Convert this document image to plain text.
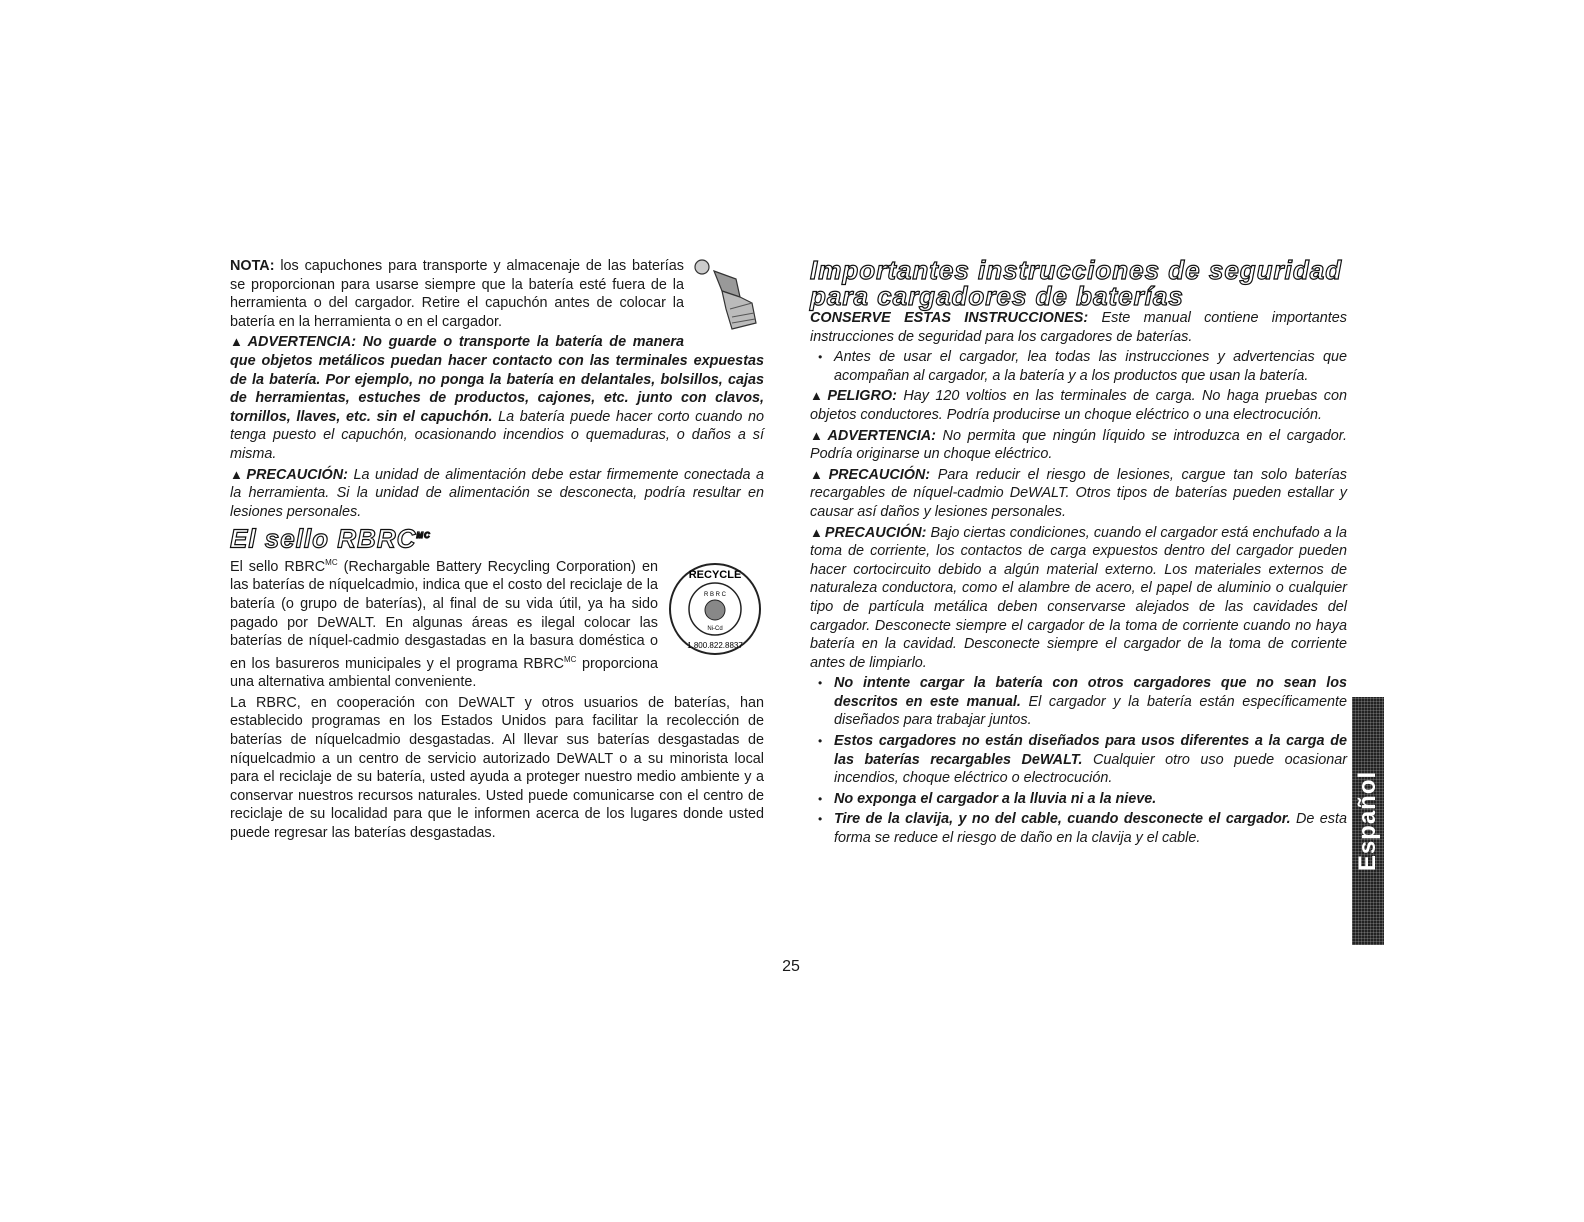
NOTA: los capuchones para transporte y almacenaje de las baterías se proporcionan para usarse siempre que la batería esté fuera de la herramienta o del cargador. Retire el capuchón antes de colocar la batería en la herramienta o en el cargador.

▲ ADVERTENCIA: No guarde o transporte la batería de manera que objetos metálicos puedan hacer contacto con las terminales expuestas de la batería. Por ejemplo, no ponga la batería en delantales, bolsillos, cajas de herramientas, estuches de productos, cajones, etc. junto con clavos, tornillos, llaves, etc. sin el capuchón. La batería puede hacer corto cuando no tenga puesto el capuchón, ocasionando incendios o quemaduras, o daños a sí misma.

▲ PRECAUCIÓN: La unidad de alimentación debe estar firmemente conectada a la herramienta. Si la unidad de alimentación se desconecta, podría resultar en lesiones personales.

El sello $RBRC^{MC}$
RECYCLE
R B R C
Ni-Cd
1.800.822.8837

El sello $RBRC^{MC}$ (Rechargable Battery Recycling Corporation) en las baterías de níquelcadmio, indica que el costo del reciclaje de la batería (o grupo de baterías), al final de su vida útil, ya ha sido pagado por DeWALT. En algunas áreas es ilegal colocar las baterías de níquel-cadmio desgastadas en la basura doméstica o en los basureros municipales y el programa $RBRC^{MC}$ proporciona una alternativa ambiental conveniente.

La RBRC, en cooperación con DeWALT y otros usuarios de baterías, han establecido programas en los Estados Unidos para facilitar la recolección de baterías de níquelcadmio desgastadas. Al llevar sus baterías desgastadas de níquelcadmio a un centro de servicio autorizado DeWALT o a su minorista local para el reciclaje de su batería, usted ayuda a proteger nuestro medio ambiente y a conservar nuestros recursos naturales. Usted puede comunicarse con el centro de reciclaje de su localidad para que le informen acerca de los lugares donde usted puede regresar las baterías desgastadas.

Importantes instrucciones de seguridad
para cargadores de baterías

CONSERVE ESTAS INSTRUCCIONES: Este manual contiene importantes instrucciones de seguridad para los cargadores de baterías.

• Antes de usar el cargador, lea todas las instrucciones y advertencias que acompañan al cargador, a la batería y a los productos que usan la batería.

▲ PELIGRO: Hay 120 voltios en las terminales de carga. No haga pruebas con objetos conductores. Podría producirse un choque eléctrico o una electrocución.

▲ ADVERTENCIA: No permita que ningún líquido se introduzca en el cargador. Podría originarse un choque eléctrico.

▲ PRECAUCIÓN: Para reducir el riesgo de lesiones, cargue tan solo baterías recargables de níquel-cadmio DeWALT. Otros tipos de baterías pueden estallar y causar así daños y lesiones personales.

▲ PRECAUCIÓN: Bajo ciertas condiciones, cuando el cargador está enchufado a la toma de corriente, los contactos de carga expuestos dentro del cargador pueden hacer cortocircuito debido a algún material externo. Los materiales externos de naturaleza conductora, como el alambre de acero, el papel de aluminio o cualquier tipo de partícula metálica deben conservarse alejados de las cavidades del cargador. Desconecte siempre el cargador de la toma de corriente cuando no haya batería en la cavidad. Desconecte siempre el cargador de la toma de corriente antes de limpiarlo.

• No intente cargar la batería con otros cargadores que no sean los descritos en este manual. El cargador y la batería están específicamente diseñados para trabajar juntos.
• Estos cargadores no están diseñados para usos diferentes a la carga de las baterías recargables DeWALT. Cualquier otro uso puede ocasionar incendios, choque eléctrico o electrocución.
• No exponga el cargador a la lluvia ni a la nieve.
• Tire de la clavija, y no del cable, cuando desconecte el cargador. De esta forma se reduce el riesgo de daño en la clavija y el cable.	Español
25
